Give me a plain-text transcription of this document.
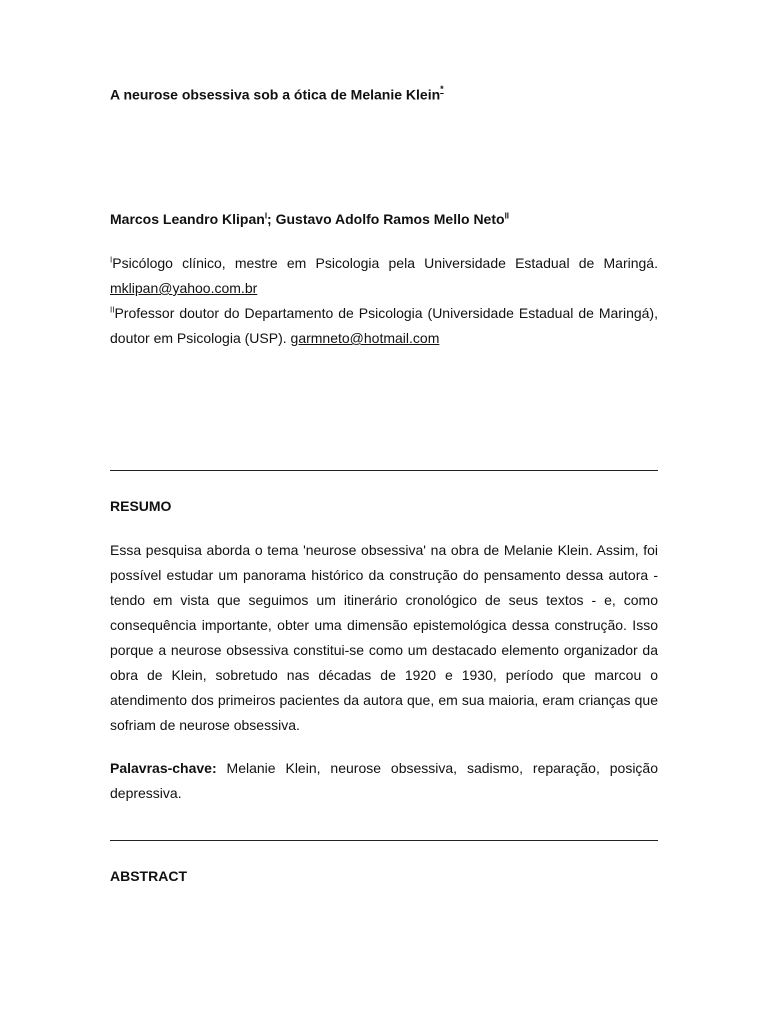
A neurose obsessiva sob a ótica de Melanie Klein*
Marcos Leandro Klipan$^I$; Gustavo Adolfo Ramos Mello Neto$^{II}$

$^I$Psicólogo clínico, mestre em Psicologia pela Universidade Estadual de Maringá. mklipan@yahoo.com.br

$^{II}$Professor doutor do Departamento de Psicologia (Universidade Estadual de Maringá), doutor em Psicologia (USP). garmneto@hotmail.com

RESUMO

Essa pesquisa aborda o tema 'neurose obsessiva' na obra de Melanie Klein. Assim, foi possível estudar um panorama histórico da construção do pensamento dessa autora - tendo em vista que seguimos um itinerário cronológico de seus textos - e, como consequência importante, obter uma dimensão epistemológica dessa construção. Isso porque a neurose obsessiva constitui-se como um destacado elemento organizador da obra de Klein, sobretudo nas décadas de 1920 e 1930, período que marcou o atendimento dos primeiros pacientes da autora que, em sua maioria, eram crianças que sofriam de neurose obsessiva.

Palavras-chave: Melanie Klein, neurose obsessiva, sadismo, reparação, posição depressiva.

ABSTRACT
